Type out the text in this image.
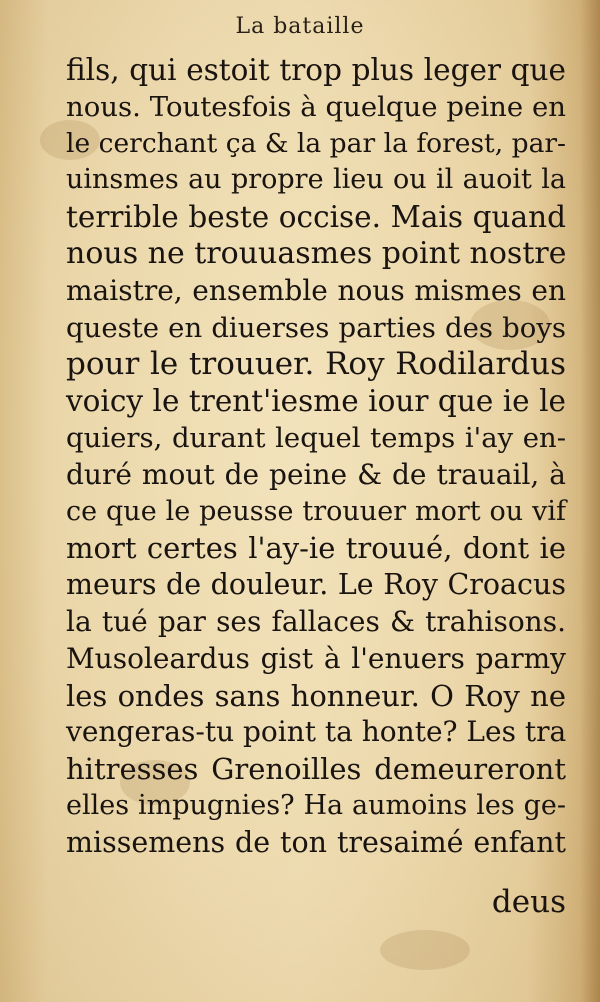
La bataille
fils, qui estoit trop plus leger que
nous. Toutesfois à quelque peine en
le cerchant ça & la par la forest, par-
uinsmes au propre lieu ou il auoit la
terrible beste occise. Mais quand
nous ne trouuasmes point nostre
maistre, ensemble nous mismes en
queste en diuerses parties des boys
pour le trouuer. Roy Rodilardus
voicy le trent'iesme iour que ie le
quiers, durant lequel temps i'ay en-
duré mout de peine & de trauail, à
ce que le peusse trouuer mort ou vif
mort certes l'ay-ie trouué, dont ie
meurs de douleur. Le Roy Croacus
la tué par ses fallaces & trahisons.
Musoleardus gist à l'enuers parmy
les ondes sans honneur. O Roy ne
vengeras-tu point ta honte? Les tra
hitresses Grenoilles demeureront
elles impugnies? Ha aumoins les ge-
missemens de ton tresaimé enfant
deus
